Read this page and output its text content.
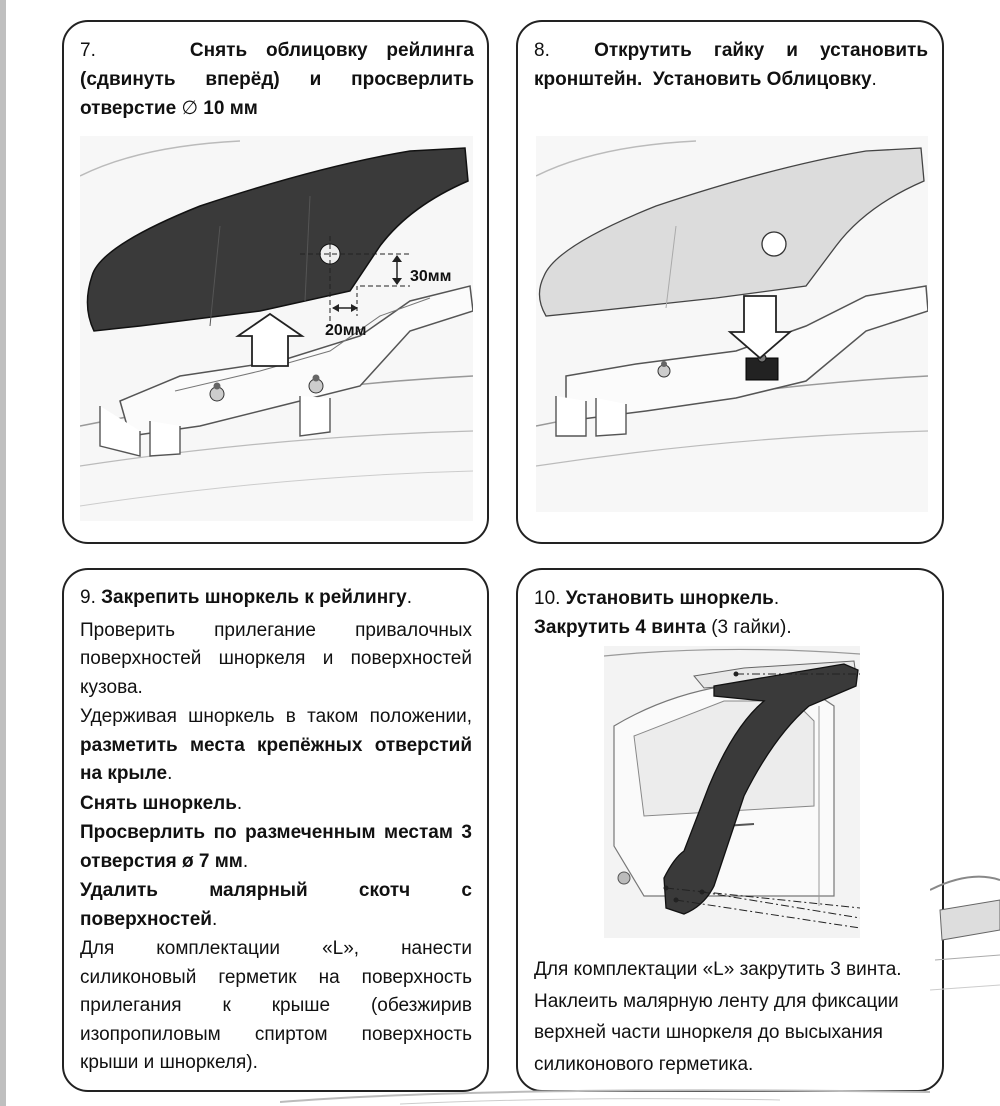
7.	Снять облицовку рейлинга (сдвинуть вперёд) и просверлить отверстие ∅ 10 мм
30мм
20мм
8. Открутить гайку и установить кронштейн. Установить Облицовку.

9. Закрепить шноркель к рейлингу.

Проверить прилегание привалочных поверхностей шноркеля и поверхностей кузова.

Удерживая шноркель в таком положении, разметить места крепёжных отверстий на крыле.

Снять шноркель.

Просверлить по размеченным местам 3 отверстия ø 7 мм.

Удалить малярный скотч с поверхностей.

Для комплектации «L», нанести силиконовый герметик на поверхность прилегания к крыше (обезжирив изопропиловым спиртом поверхность крыши и шноркеля).

10. Установить шноркель.
Закрутить 4 винта (3 гайки).
Для комплектации «L» закрутить 3 винта. Наклеить малярную ленту для фиксации верхней части шноркеля до высыхания силиконового герметика.
